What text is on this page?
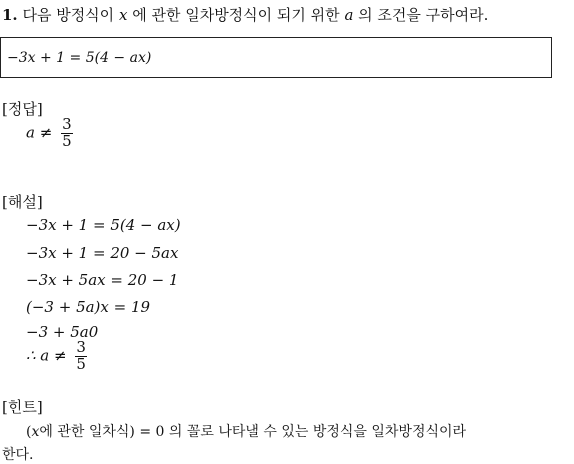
1. 다음 방정식이 x 에 관한 일차방정식이 되기 위한 a 의 조건을 구하여라.
−3x + 1 = 5(4 − ax)
[정답]
$a \ne \frac{3}{5}$
[해설]
−3x + 1 = 5(4 − ax)
−3x + 1 = 20 − 5ax
−3x + 5ax = 20 − 1
(−3 + 5a)x = 19
−3 + 5a0
∴ $a \ne \frac{3}{5}$
[힌트]
(x에 관한 일차식) = 0 의 꼴로 나타낼 수 있는 방정식을 일차방정식이라
한다.
